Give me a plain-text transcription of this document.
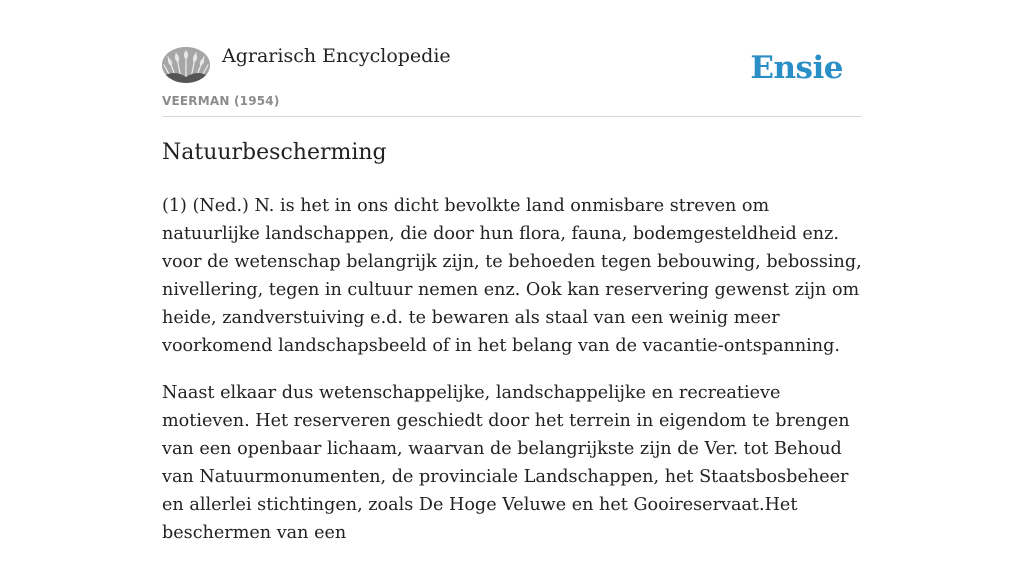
Agrarisch Encyclopedie
VEERMAN (1954)
Ensie
Natuurbescherming

(1) (Ned.) N. is het in ons dicht bevolkte land onmisbare streven om natuurlijke landschappen, die door hun flora, fauna, bodemgesteldheid enz. voor de wetenschap belangrijk zijn, te behoeden tegen bebouwing, bebossing, nivellering, tegen in cultuur nemen enz. Ook kan reservering gewenst zijn om heide, zandverstuiving e.d. te bewaren als staal van een weinig meer voorkomend landschapsbeeld of in het belang van de vacantie-ontspanning.

Naast elkaar dus wetenschappelijke, landschappelijke en recreatieve motieven. Het reserveren geschiedt door het terrein in eigendom te brengen van een openbaar lichaam, waarvan de belangrijkste zijn de Ver. tot Behoud van Natuurmonumenten, de provinciale Landschappen, het Staatsbosbeheer en allerlei stichtingen, zoals De Hoge Veluwe en het Gooireservaat.Het beschermen van een
